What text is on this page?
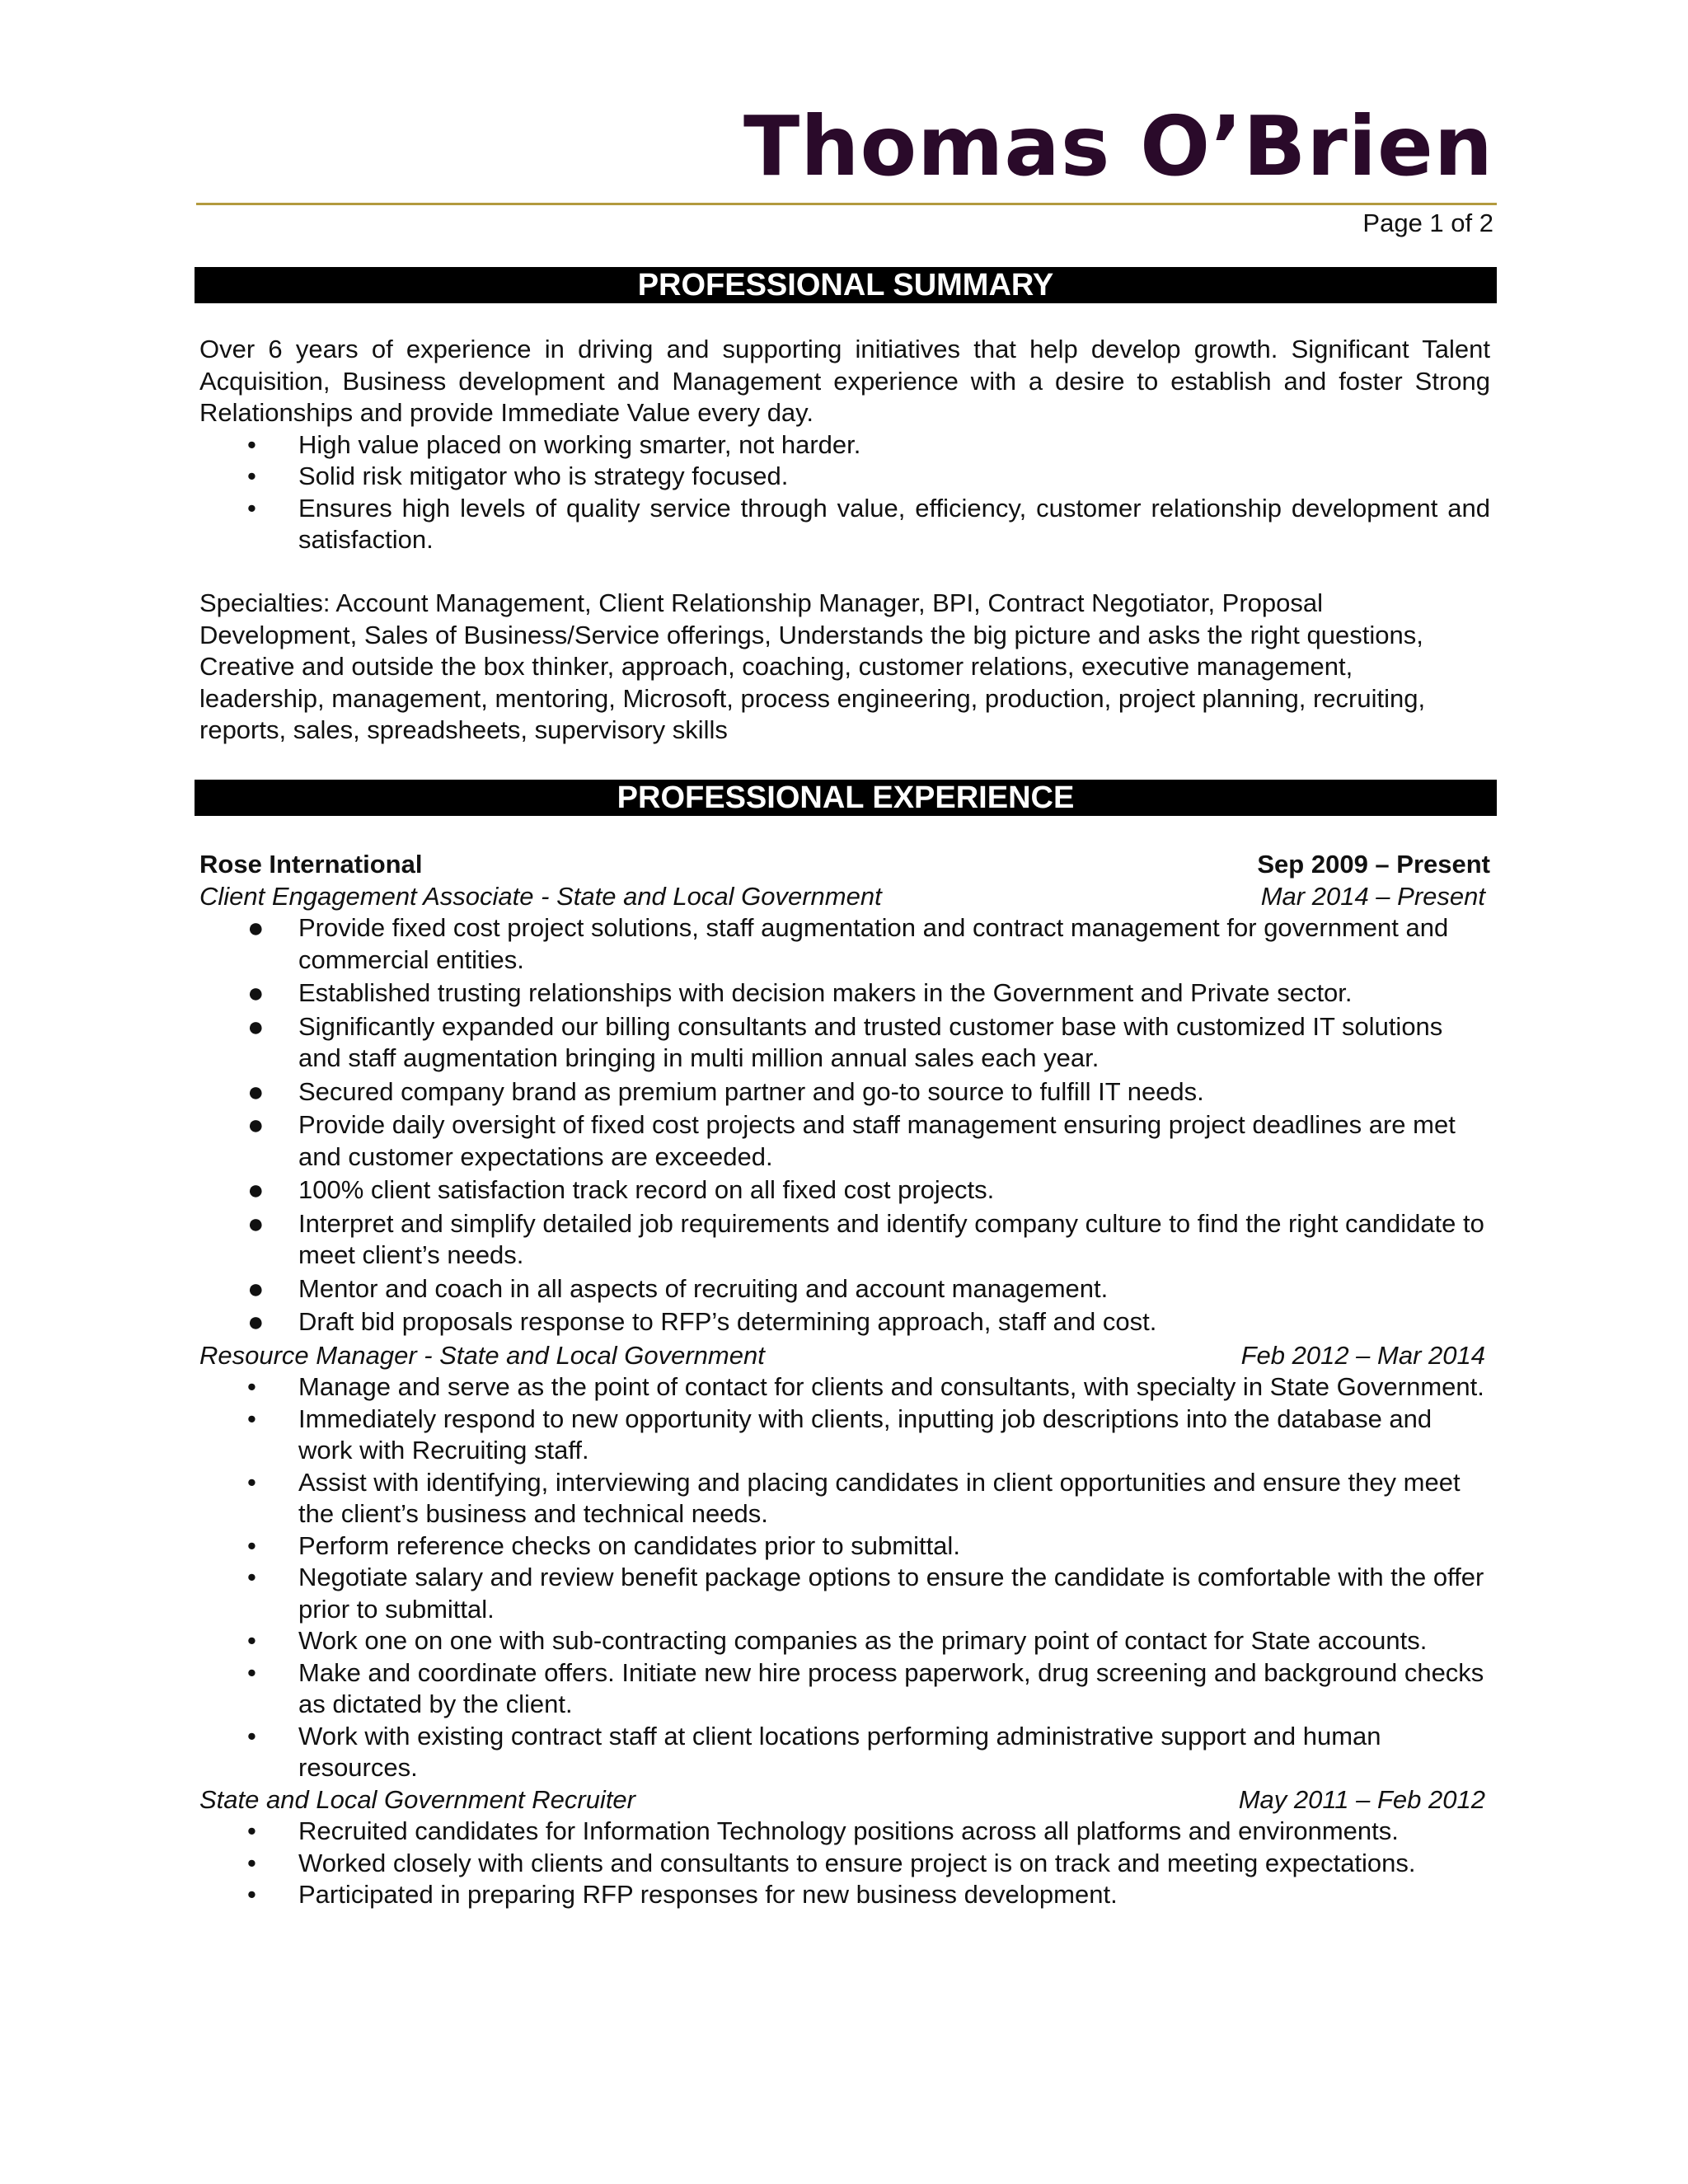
Thomas O’Brien
Page 1 of 2
PROFESSIONAL SUMMARY
Over 6 years of experience in driving and supporting initiatives that help develop growth. Significant Talent Acquisition, Business development and Management experience with a desire to establish and foster Strong Relationships and provide Immediate Value every day.
• High value placed on working smarter, not harder.
• Solid risk mitigator who is strategy focused.
• Ensures high levels of quality service through value, efficiency, customer relationship development and satisfaction.
Specialties: Account Management, Client Relationship Manager, BPI, Contract Negotiator, Proposal Development, Sales of Business/Service offerings, Understands the big picture and asks the right questions, Creative and outside the box thinker, approach, coaching, customer relations, executive management, leadership, management, mentoring, Microsoft, process engineering, production, project planning, recruiting, reports, sales, spreadsheets, supervisory skills
PROFESSIONAL EXPERIENCE
Rose International	Sep 2009 – Present
Client Engagement Associate - State and Local Government	Mar 2014 – Present
● Provide fixed cost project solutions, staff augmentation and contract management for government and commercial entities.
● Established trusting relationships with decision makers in the Government and Private sector.
● Significantly expanded our billing consultants and trusted customer base with customized IT solutions and staff augmentation bringing in multi million annual sales each year.
● Secured company brand as premium partner and go-to source to fulfill IT needs.
● Provide daily oversight of fixed cost projects and staff management ensuring project deadlines are met and customer expectations are exceeded.
● 100% client satisfaction track record on all fixed cost projects.
● Interpret and simplify detailed job requirements and identify company culture to find the right candidate to meet client’s needs.
● Mentor and coach in all aspects of recruiting and account management.
● Draft bid proposals response to RFP’s determining approach, staff and cost.
Resource Manager - State and Local Government	Feb 2012 – Mar 2014
• Manage and serve as the point of contact for clients and consultants, with specialty in State Government.
• Immediately respond to new opportunity with clients, inputting job descriptions into the database and work with Recruiting staff.
• Assist with identifying, interviewing and placing candidates in client opportunities and ensure they meet the client’s business and technical needs.
• Perform reference checks on candidates prior to submittal.
• Negotiate salary and review benefit package options to ensure the candidate is comfortable with the offer prior to submittal.
• Work one on one with sub-contracting companies as the primary point of contact for State accounts.
• Make and coordinate offers. Initiate new hire process paperwork, drug screening and background checks as dictated by the client.
• Work with existing contract staff at client locations performing administrative support and human resources.
State and Local Government Recruiter	May 2011 – Feb 2012
• Recruited candidates for Information Technology positions across all platforms and environments.
• Worked closely with clients and consultants to ensure project is on track and meeting expectations.
• Participated in preparing RFP responses for new business development.
